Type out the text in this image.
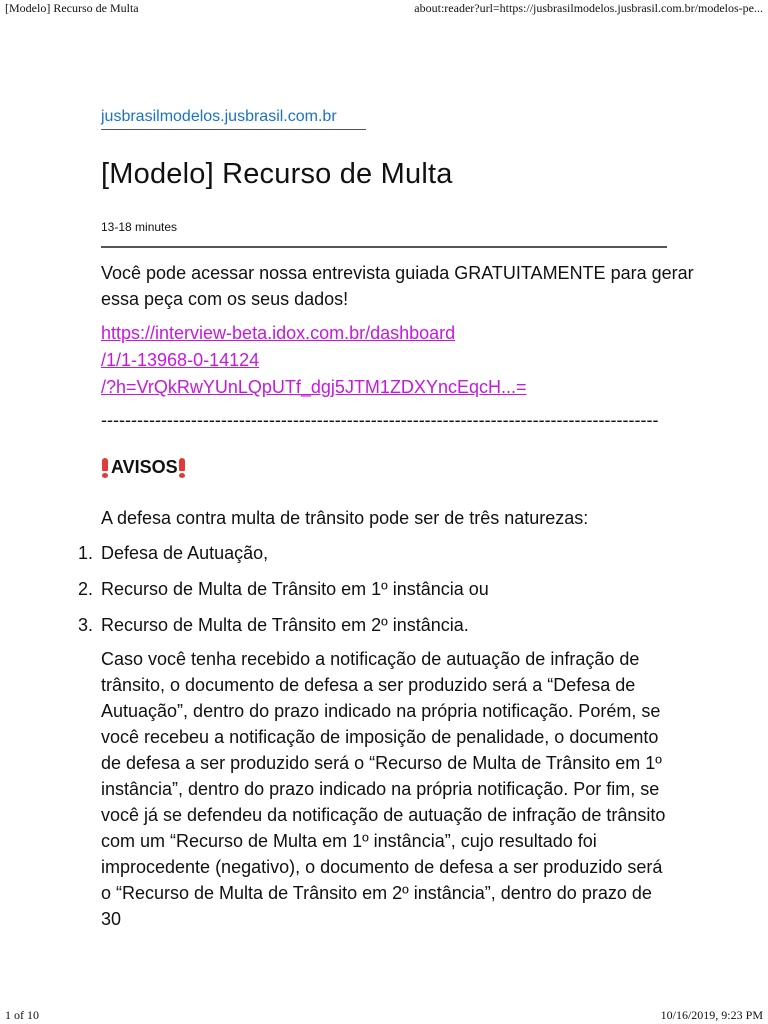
[Modelo] Recurso de Multa	about:reader?url=https://jusbrasilmodelos.jusbrasil.com.br/modelos-pe...
jusbrasilmodelos.jusbrasil.com.br
[Modelo] Recurso de Multa
13-18 minutes
Você pode acessar nossa entrevista guiada GRATUITAMENTE para gerar essa peça com os seus dados!
https://interview-beta.idox.com.br/dashboard
/1/1-13968-0-14124
/?h=VrQkRwYUnLQpUTf_dgj5JTM1ZDXYncEqcH...=
---------------------------------------------------------------------------------------------
AVISOS
A defesa contra multa de trânsito pode ser de três naturezas:
1. Defesa de Autuação,
2. Recurso de Multa de Trânsito em 1º instância ou
3. Recurso de Multa de Trânsito em 2º instância.

Caso você tenha recebido a notificação de autuação de infração de trânsito, o documento de defesa a ser produzido será a “Defesa de Autuação”, dentro do prazo indicado na própria notificação. Porém, se você recebeu a notificação de imposição de penalidade, o documento de defesa a ser produzido será o “Recurso de Multa de Trânsito em 1º instância”, dentro do prazo indicado na própria notificação. Por fim, se você já se defendeu da notificação de autuação de infração de trânsito com um “Recurso de Multa em 1º instância”, cujo resultado foi improcedente (negativo), o documento de defesa a ser produzido será o “Recurso de Multa de Trânsito em 2º instância”, dentro do prazo de 30

1 of 10	10/16/2019, 9:23 PM
